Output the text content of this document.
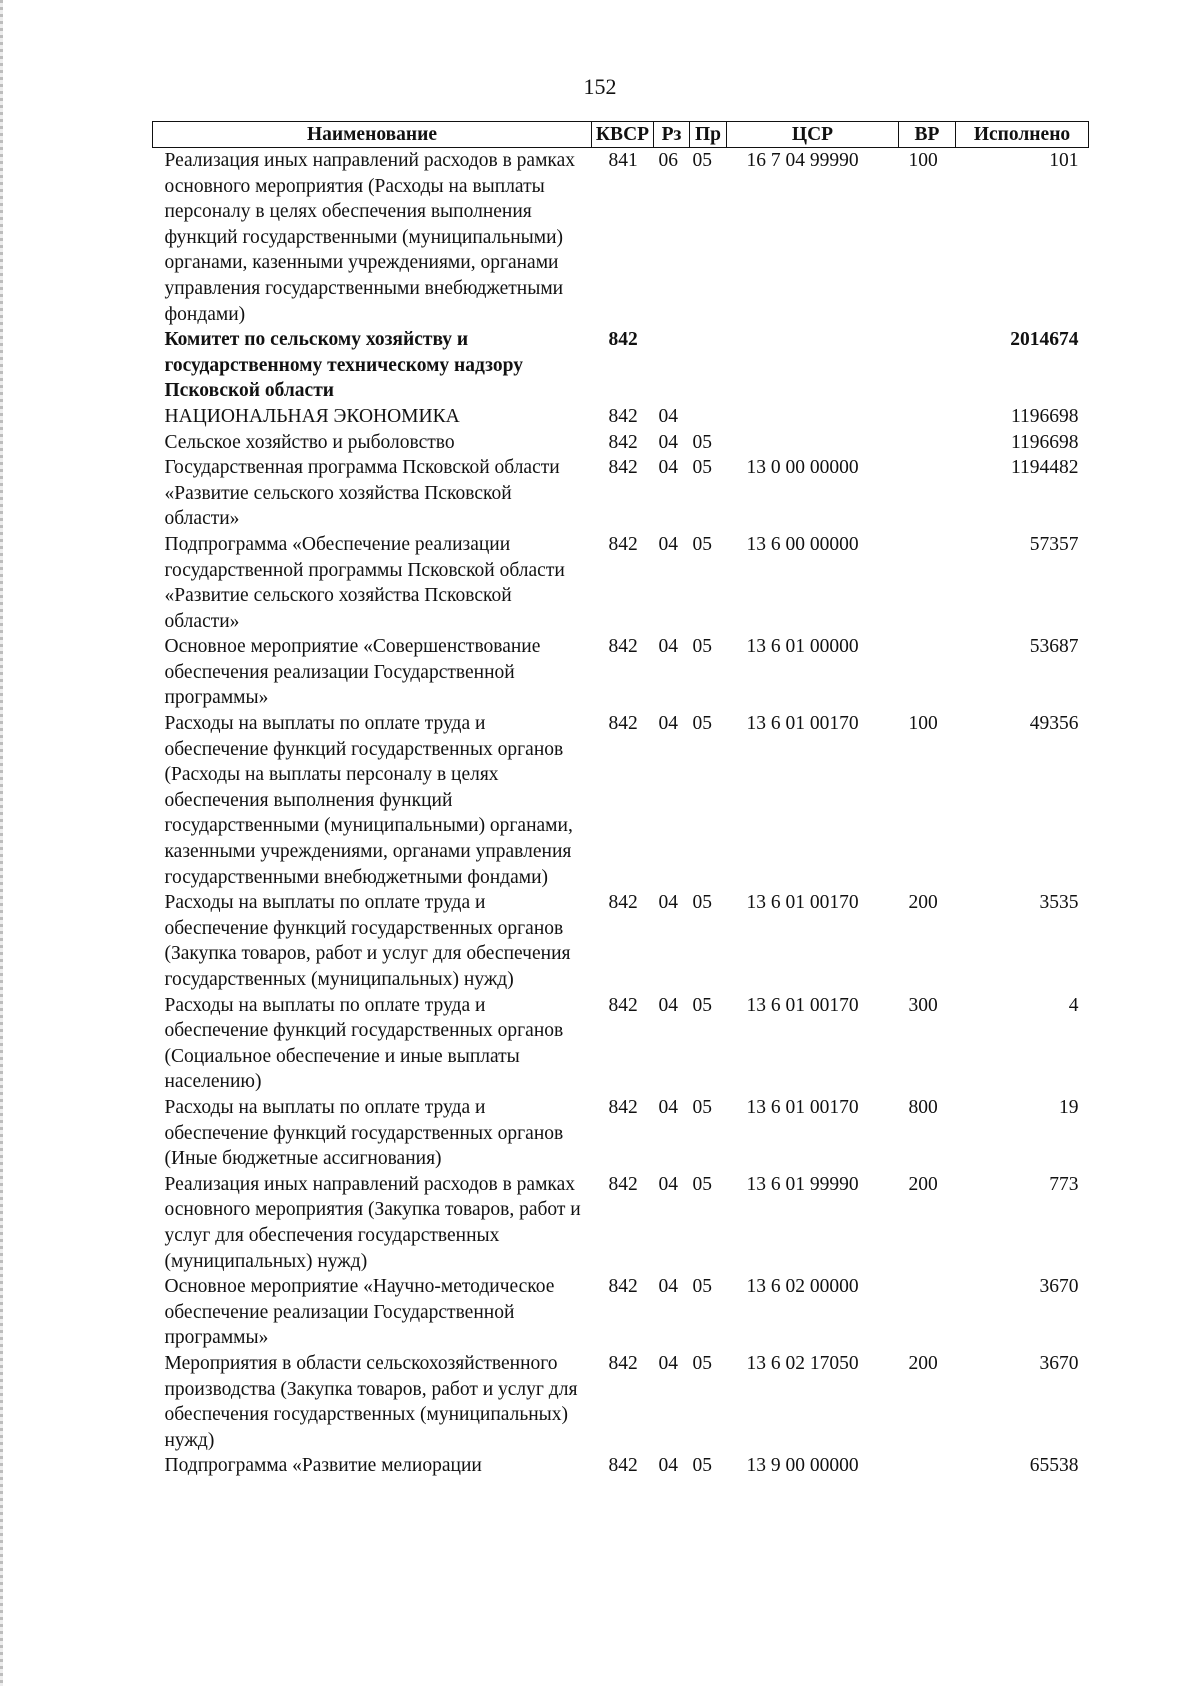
152
Наименование	КВСР	Рз	Пр	ЦСР	ВР	Исполнено
Реализация иных направлений расходов в рамках основного мероприятия (Расходы на выплаты персоналу в целях обеспечения выполнения функций государственными (муниципальными) органами, казенными учреждениями, органами управления государственными внебюджетными фондами)	841	06	05	16 7 04 99990	100	101
Комитет по сельскому хозяйству и государственному техническому надзору Псковской области	842					2014674
НАЦИОНАЛЬНАЯ ЭКОНОМИКА	842	04				1196698
Сельское хозяйство и рыболовство	842	04	05			1196698
Государственная программа Псковской области «Развитие сельского хозяйства Псковской области»	842	04	05	13 0 00 00000		1194482
Подпрограмма «Обеспечение реализации государственной программы Псковской области «Развитие сельского хозяйства Псковской области»	842	04	05	13 6 00 00000		57357
Основное мероприятие «Совершенствование обеспечения реализации Государственной программы»	842	04	05	13 6 01 00000		53687
Расходы на выплаты по оплате труда и обеспечение функций государственных органов (Расходы на выплаты персоналу в целях обеспечения выполнения функций государственными (муниципальными) органами, казенными учреждениями, органами управления государственными внебюджетными фондами)	842	04	05	13 6 01 00170	100	49356
Расходы на выплаты по оплате труда и обеспечение функций государственных органов (Закупка товаров, работ и услуг для обеспечения государственных (муниципальных) нужд)	842	04	05	13 6 01 00170	200	3535
Расходы на выплаты по оплате труда и обеспечение функций государственных органов (Социальное обеспечение и иные выплаты населению)	842	04	05	13 6 01 00170	300	4
Расходы на выплаты по оплате труда и обеспечение функций государственных органов (Иные бюджетные ассигнования)	842	04	05	13 6 01 00170	800	19
Реализация иных направлений расходов в рамках основного мероприятия (Закупка товаров, работ и услуг для обеспечения государственных (муниципальных) нужд)	842	04	05	13 6 01 99990	200	773
Основное мероприятие «Научно-методическое обеспечение реализации Государственной программы»	842	04	05	13 6 02 00000		3670
Мероприятия в области сельскохозяйственного производства (Закупка товаров, работ и услуг для обеспечения государственных (муниципальных) нужд)	842	04	05	13 6 02 17050	200	3670
Подпрограмма «Развитие мелиорации	842	04	05	13 9 00 00000		65538
